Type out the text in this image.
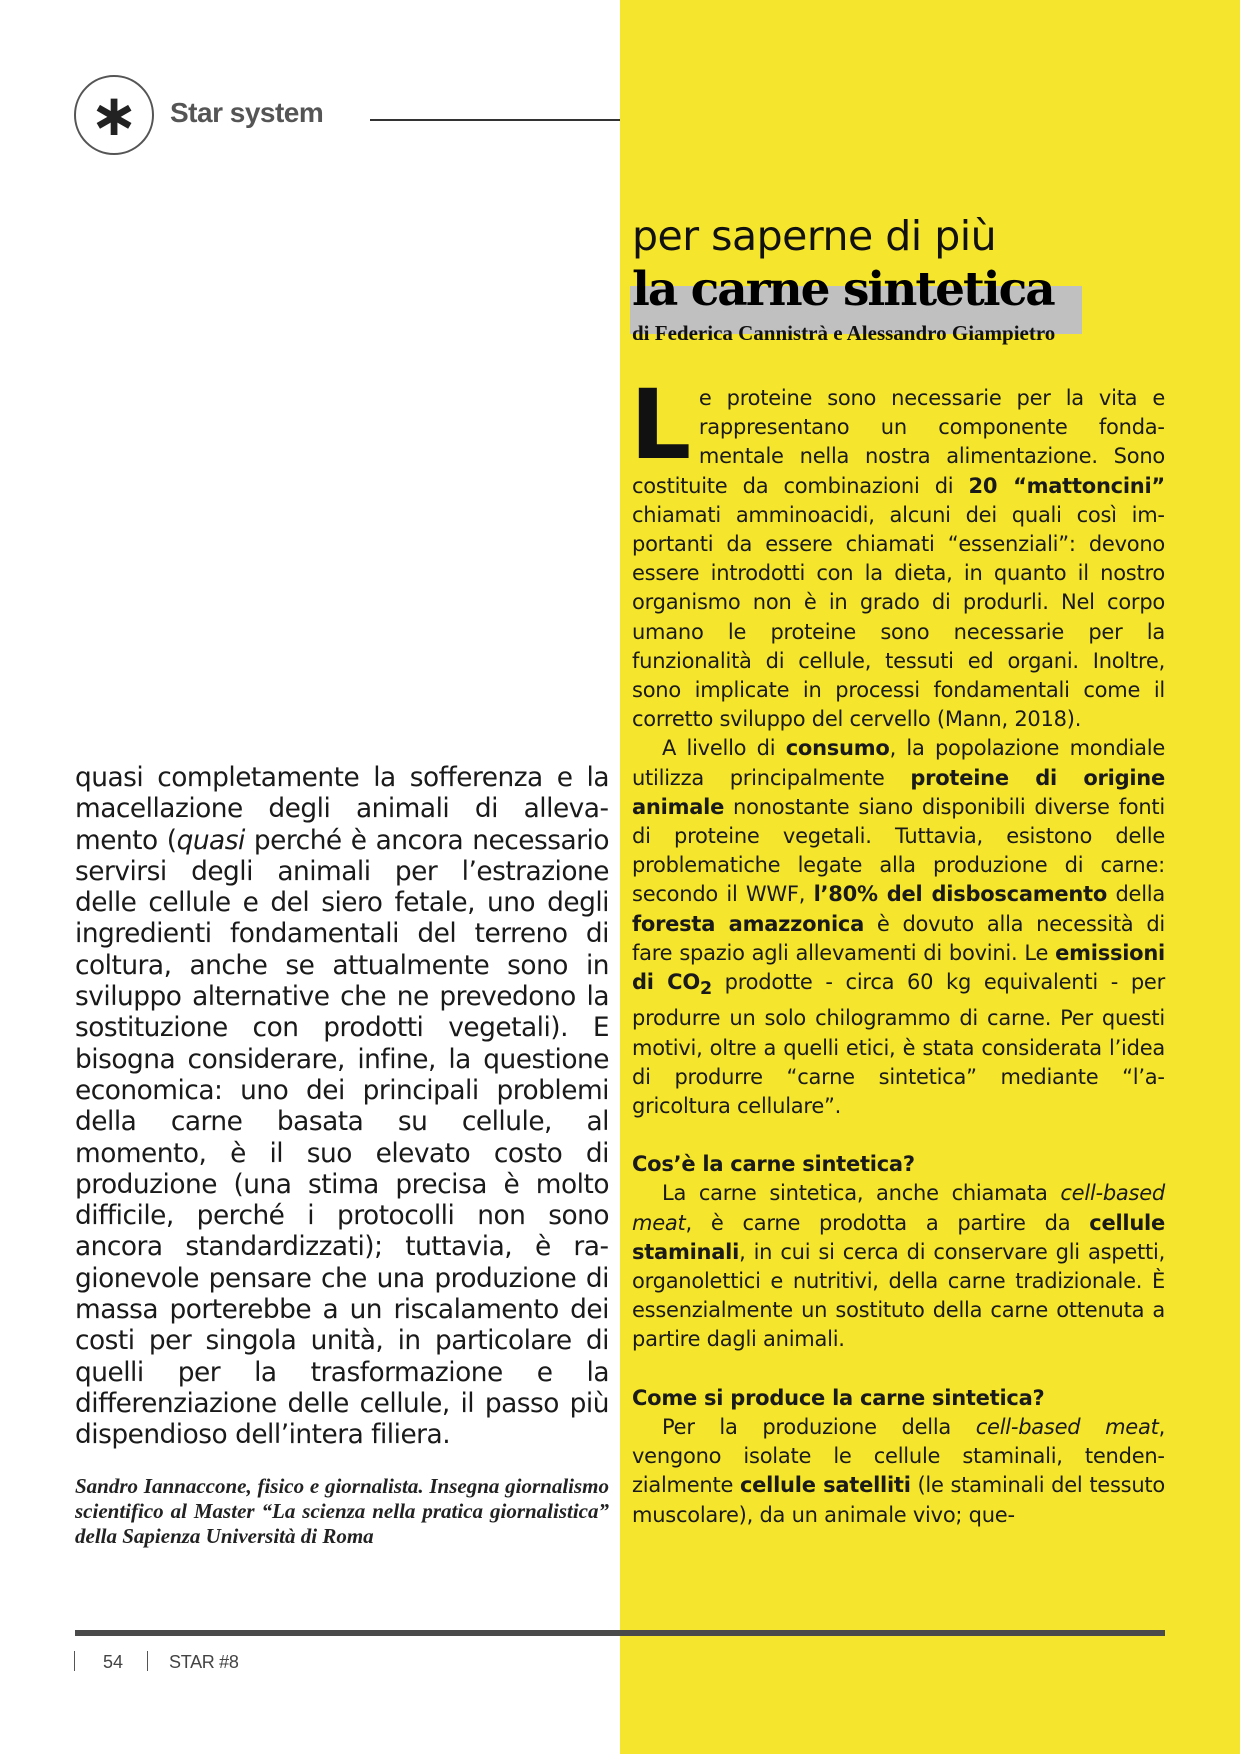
∗	Star system
per saperne di più
la carne sintetica
di Federica Cannistrà e Alessandro Giampietro

Le proteine sono necessarie per la vita e rappresentano un componente fondamentale nella nostra alimentazione. Sono costituite da combinazioni di 20 “mattoncini” chiamati amminoacidi, alcuni dei quali così importanti da essere chiamati “essenziali”: devono essere introdotti con la dieta, in quanto il nostro organismo non è in grado di produrli. Nel corpo umano le proteine sono necessarie per la funzionalità di cellule, tessuti ed organi. Inoltre, sono implicate in processi fondamentali come il corretto sviluppo del cervello (Mann, 2018).

A livello di consumo, la popolazione mondiale utilizza principalmente proteine di origine animale nonostante siano disponibili diverse fonti di proteine vegetali. Tuttavia, esistono delle problematiche legate alla produzione di carne: secondo il WWF, l’80% del disboscamento della foresta amazzonica è dovuto alla necessità di fare spazio agli allevamenti di bovini. Le emissioni di $CO_2$ prodotte - circa 60 kg equivalenti - per produrre un solo chilogrammo di carne. Per questi motivi, oltre a quelli etici, è stata considerata l’idea di produrre “carne sintetica” mediante “l’agricoltura cellulare”.

Cos’è la carne sintetica?

La carne sintetica, anche chiamata cell-based meat, è carne prodotta a partire da cellule staminali, in cui si cerca di conservare gli aspetti, organolettici e nutritivi, della carne tradizionale. È essenzialmente un sostituto della carne ottenuta a partire dagli animali.

Come si produce la carne sintetica?

Per la produzione della cell-based meat, vengono isolate le cellule staminali, tendenzialmente cellule satelliti (le staminali del tessuto muscolare), da un animale vivo; que-

quasi completamente la sofferenza e la macellazione degli animali di allevamento (quasi perché è ancora necessario servirsi degli animali per l’estrazione delle cellule e del siero fetale, uno degli ingredienti fondamentali del terreno di coltura, anche se attualmente sono in sviluppo alternative che ne prevedono la sostituzione con prodotti vegetali). E bisogna considerare, infine, la questione economica: uno dei principali problemi della carne basata su cellule, al momento, è il suo elevato costo di produzione (una stima precisa è molto difficile, perché i protocolli non sono ancora standardizzati); tuttavia, è ragionevole pensare che una produzione di massa porterebbe a un riscalamento dei costi per singola unità, in particolare di quelli per la trasformazione e la differenziazione delle cellule, il passo più dispendioso dell’intera filiera.

Sandro Iannaccone, fisico e giornalista. Insegna giornalismo scientifico al Master “La scienza nella pratica giornalistica” della Sapienza Università di Roma
54	STAR #8
